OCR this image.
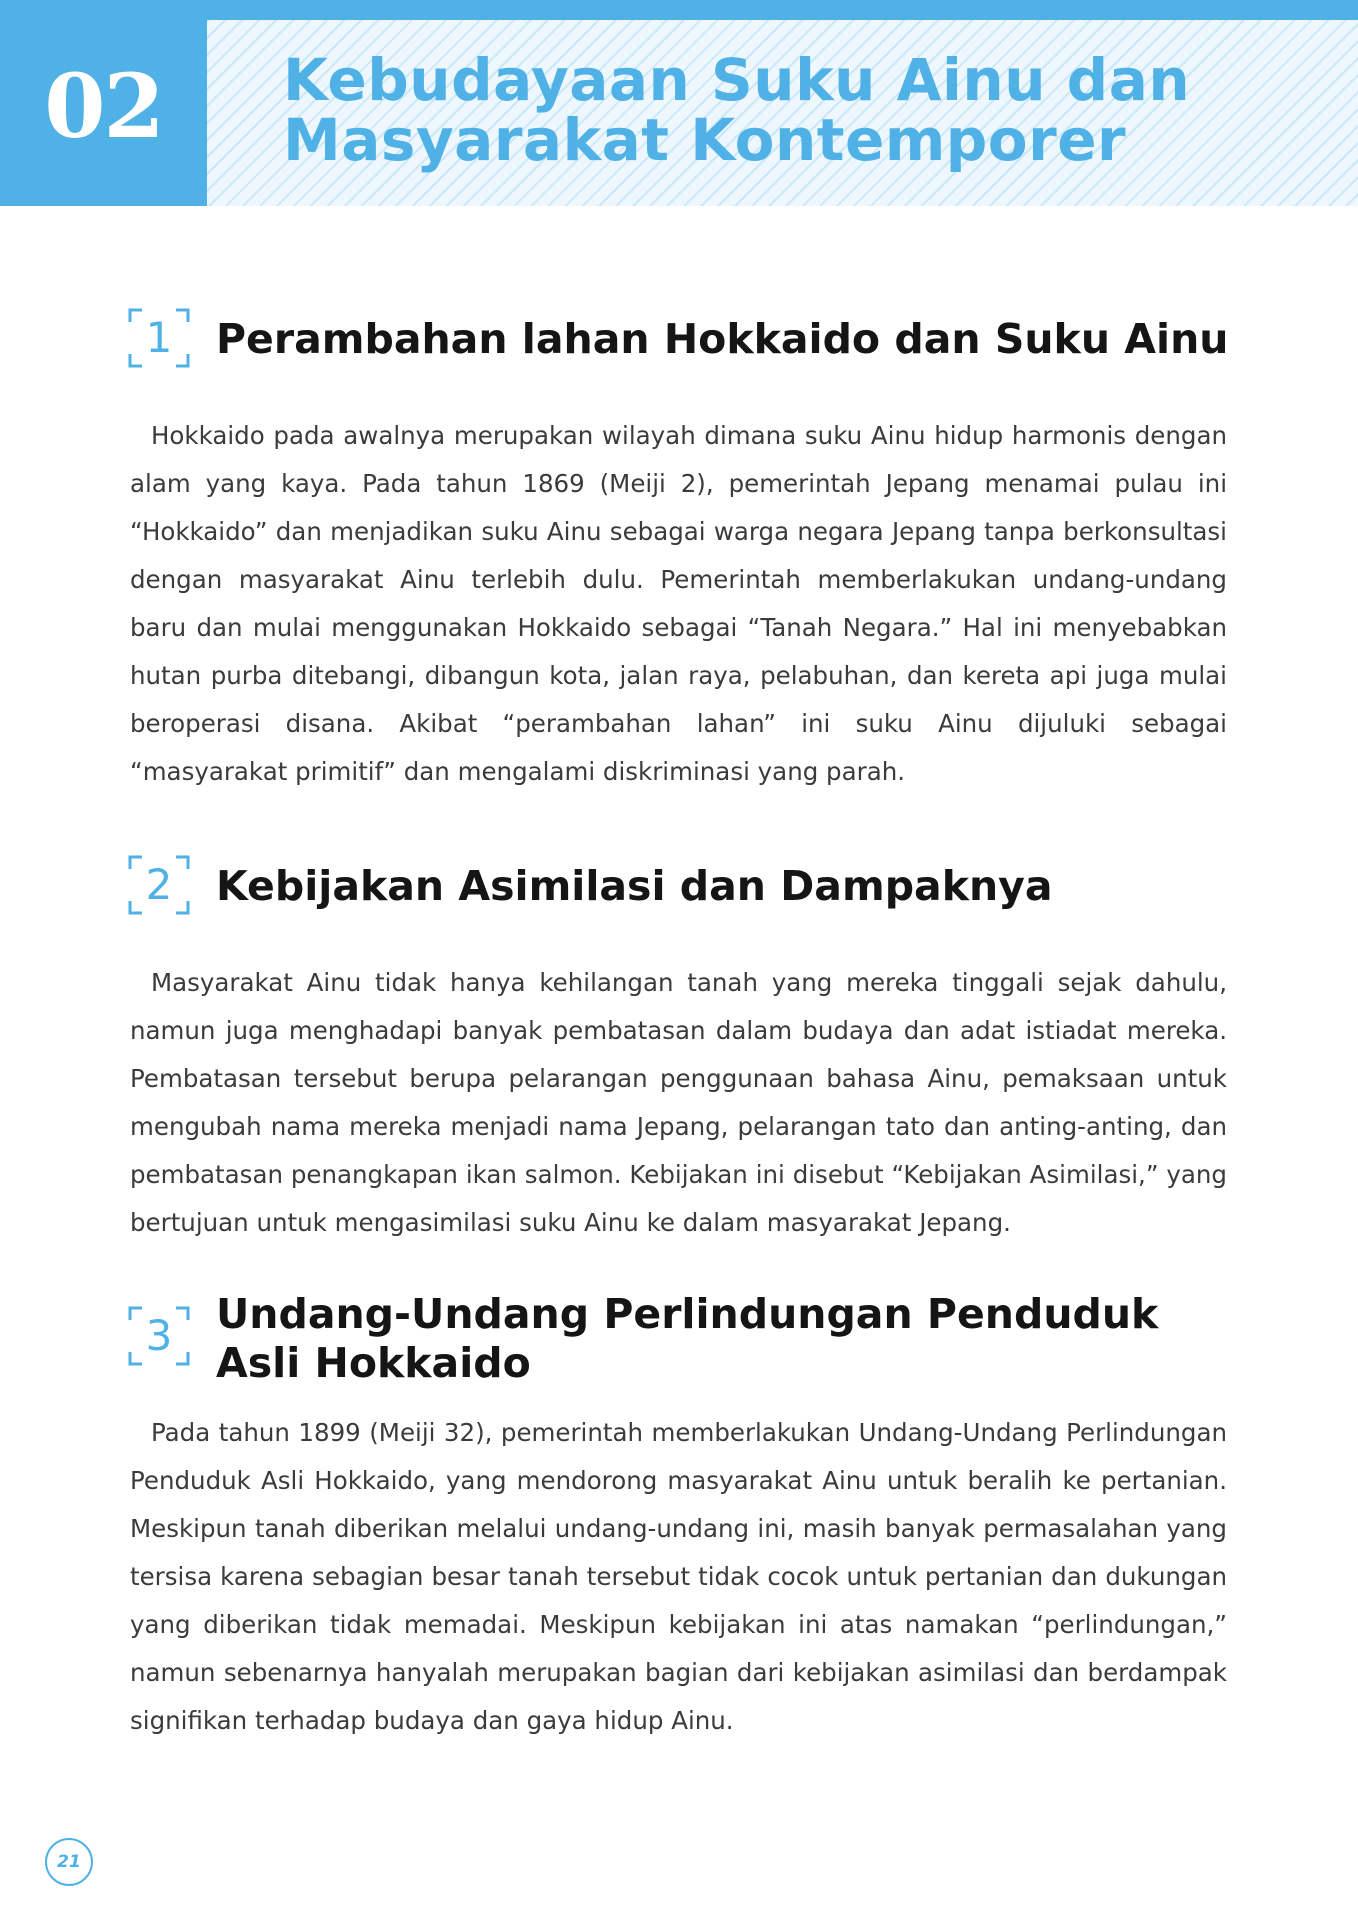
02 Kebudayaan Suku Ainu dan
Masyarakat Kontemporer
1 Perambahan lahan Hokkaido dan Suku Ainu

Hokkaido pada awalnya merupakan wilayah dimana suku Ainu hidup harmonis dengan alam yang kaya. Pada tahun 1869 (Meiji 2), pemerintah Jepang menamai pulau ini “Hokkaido” dan menjadikan suku Ainu sebagai warga negara Jepang tanpa berkonsultasi dengan masyarakat Ainu terlebih dulu. Pemerintah memberlakukan undang-undang baru dan mulai menggunakan Hokkaido sebagai “Tanah Negara.” Hal ini menyebabkan hutan purba ditebangi, dibangun kota, jalan raya, pelabuhan, dan kereta api juga mulai beroperasi disana. Akibat “perambahan lahan” ini suku Ainu dijuluki sebagai “masyarakat primitif” dan mengalami diskriminasi yang parah.

2 Kebijakan Asimilasi dan Dampaknya

Masyarakat Ainu tidak hanya kehilangan tanah yang mereka tinggali sejak dahulu, namun juga menghadapi banyak pembatasan dalam budaya dan adat istiadat mereka. Pembatasan tersebut berupa pelarangan penggunaan bahasa Ainu, pemaksaan untuk mengubah nama mereka menjadi nama Jepang, pelarangan tato dan anting-anting, dan pembatasan penangkapan ikan salmon. Kebijakan ini disebut “Kebijakan Asimilasi,” yang bertujuan untuk mengasimilasi suku Ainu ke dalam masyarakat Jepang.

3 Undang-Undang Perlindungan Penduduk
Asli Hokkaido

Pada tahun 1899 (Meiji 32), pemerintah memberlakukan Undang-Undang Perlindungan Penduduk Asli Hokkaido, yang mendorong masyarakat Ainu untuk beralih ke pertanian. Meskipun tanah diberikan melalui undang-undang ini, masih banyak permasalahan yang tersisa karena sebagian besar tanah tersebut tidak cocok untuk pertanian dan dukungan yang diberikan tidak memadai. Meskipun kebijakan ini atas namakan “perlindungan,” namun sebenarnya hanyalah merupakan bagian dari kebijakan asimilasi dan berdampak signifikan terhadap budaya dan gaya hidup Ainu.

21
